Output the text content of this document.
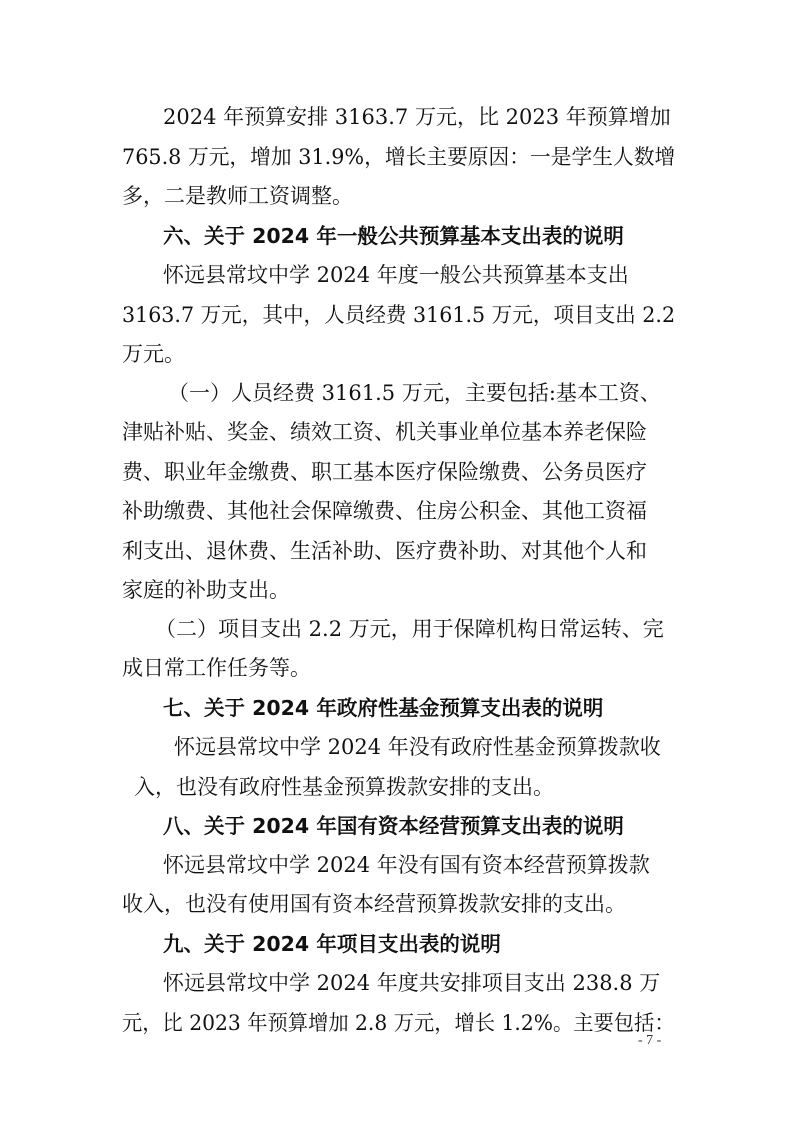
2024 年预算安排 3163.7 万元，比 2023 年预算增加
765.8 万元，增加 31.9%，增长主要原因：一是学生人数增
多，二是教师工资调整。
六、关于 2024 年一般公共预算基本支出表的说明
怀远县常坟中学 2024 年度一般公共预算基本支出
3163.7 万元，其中，人员经费 3161.5 万元，项目支出 2.2
万元。
（一）人员经费 3161.5 万元，主要包括:基本工资、
津贴补贴、奖金、绩效工资、机关事业单位基本养老保险
费、职业年金缴费、职工基本医疗保险缴费、公务员医疗
补助缴费、其他社会保障缴费、住房公积金、其他工资福
利支出、退休费、生活补助、医疗费补助、对其他个人和
家庭的补助支出。
（二）项目支出 2.2 万元，用于保障机构日常运转、完
成日常工作任务等。
七、关于 2024 年政府性基金预算支出表的说明
怀远县常坟中学 2024 年没有政府性基金预算拨款收
入，也没有政府性基金预算拨款安排的支出。
八、关于 2024 年国有资本经营预算支出表的说明
怀远县常坟中学 2024 年没有国有资本经营预算拨款
收入，也没有使用国有资本经营预算拨款安排的支出。
九、关于 2024 年项目支出表的说明
怀远县常坟中学 2024 年度共安排项目支出 238.8 万
元，比 2023 年预算增加 2.8 万元，增长 1.2%。主要包括：
- 7 -
